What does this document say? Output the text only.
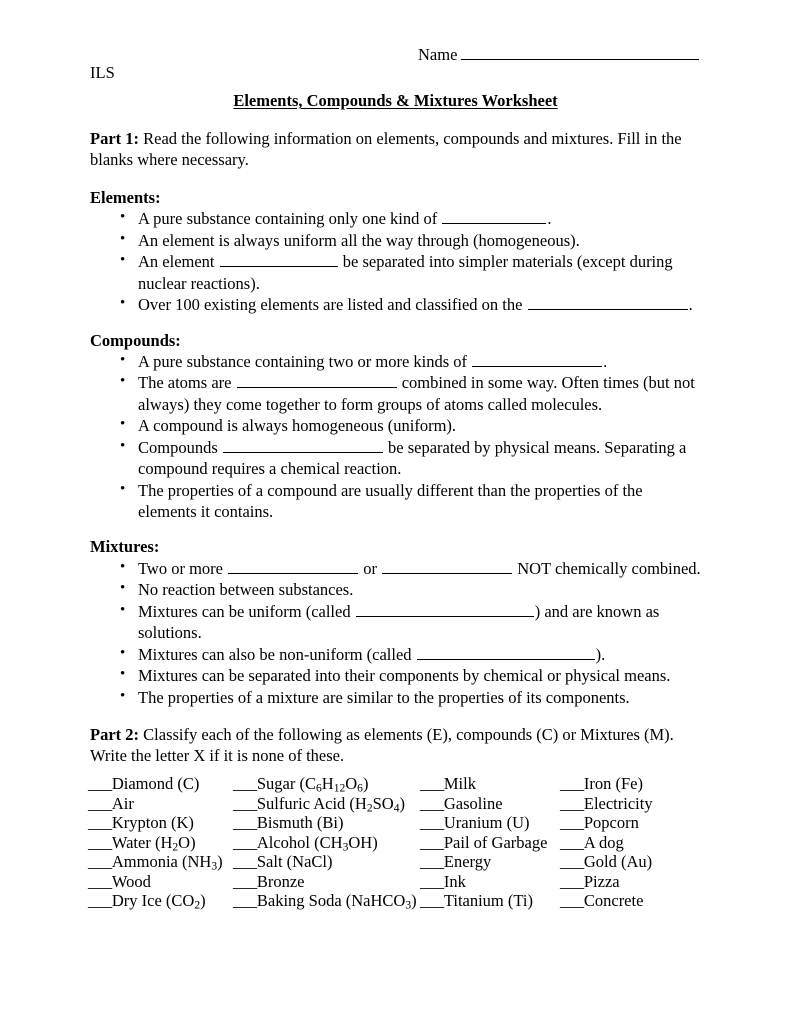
Name
ILS
Elements, Compounds & Mixtures Worksheet

Part 1: Read the following information on elements, compounds and mixtures. Fill in the blanks where necessary.

Elements:
• A pure substance containing only one kind of	.
• An element is always uniform all the way through (homogeneous).
• An element	be separated into simpler materials (except during nuclear reactions).
• Over 100 existing elements are listed and classified on the	.
Compounds:
• A pure substance containing two or more kinds of	.
• The atoms are	combined in some way. Often times (but not always) they come together to form groups of atoms called molecules.
• A compound is always homogeneous (uniform).
• Compounds	be separated by physical means. Separating a compound requires a chemical reaction.
• The properties of a compound are usually different than the properties of the elements it contains.
Mixtures:
• Two or more	or	NOT chemically combined.
• No reaction between substances.
• Mixtures can be uniform (called	) and are known as solutions.
• Mixtures can also be non-uniform (called	).
• Mixtures can be separated into their components by chemical or physical means.
• The properties of a mixture are similar to the properties of its components.

Part 2: Classify each of the following as elements (E), compounds (C) or Mixtures (M). Write the letter X if it is none of these.

___Diamond (C) ___Sugar $(C_6H_{12}O_6)$	___Milk	___Iron (Fe)
___Air	___Sulfuric Acid $(H_2SO_4)$ ___Gasoline	___Electricity
___Krypton (K) ___Bismuth (Bi)	___Uranium (U) ___Popcorn
___Water $(H_2O)$ ___Alcohol $(CH_3OH)$	___Pail of Garbage ___A dog
___Ammonia $(NH_3)$ ___Salt (NaCl)	___Energy	___Gold (Au)
___Wood	___Bronze	___Ink	___Pizza
___Dry Ice $(CO_2)$ ___Baking Soda (NaHCO$_3$) ___Titanium (Ti) ___Concrete
